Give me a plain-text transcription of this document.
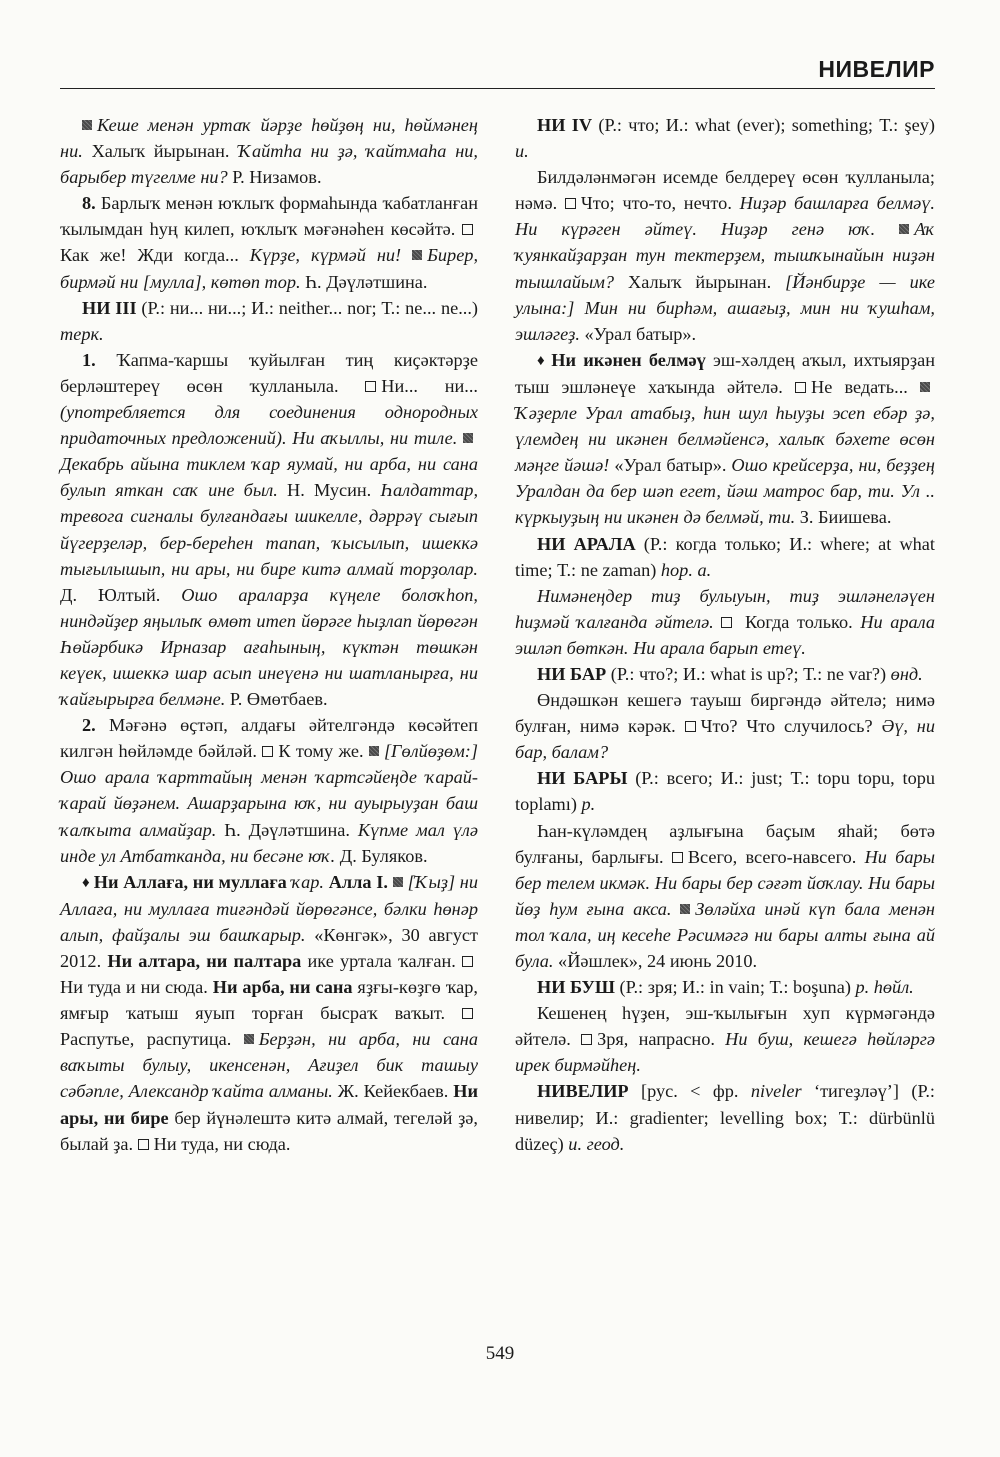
НИВЕЛИР

Кеше менән уртаҡ йәрҙе һөйҙөң ни, һөймәнең ни. Халыҡ йырынан. Ҡайтһа ни ҙә, ҡайтмаһа ни, барыбер түгелме ни? Р. Низамов.

8. Барлыҡ менән юҡлыҡ формаһында ҡабатланған ҡылымдан һуң килеп, юҡлыҡ мәғәнәһен көсәйтә. Как же! Жди когда... Күрҙе, күрмәй ни! Бирер, бирмәй ни [мулла], көтөп тор. Һ. Дәүләтшина.

НИ III (Р.: ни... ни...; И.: neither... nor; Т.: ne... ne...) терк.

1. Ҡапма-ҡаршы ҡуйылған тиң киҫәктәрҙе берләштереү өсөн ҡулланыла. Ни... ни... (употребляется для соединения однородных придаточных предложений). Ни аҡыллы, ни тиле. Декабрь айына тиклем ҡар яумай, ни арба, ни сана булып яткан саҡ ине был. Н. Мусин. Һалдаттар, тревога сигналы булғандағы шикелле, дәррәү сығып йүгерҙеләр, бер-береһен тапап, ҡысылып, ишеккә тығылышып, ни ары, ни бире китә алмай торҙолар. Д. Юлтый. Ошо араларҙа күңеле болоҡһоп, ниндәйҙер яңылыҡ өмөт итеп йөрәге һыҙлап йөрөгән Һөйәрбикә Ирназар ағаһының, күктән төшкән кеүек, ишеккә шар асып инеүенә ни шатланырға, ни ҡайғырырға белмәне. Р. Өмөтбаев.

2. Мәғәнә өҫтәп, алдағы әйтелгәндә көсәйтеп килгән һөйләмде бәйләй. К тому же. [Гөлйөҙөм:] Ошо арала ҡарттайың менән ҡартсәйеңде ҡарай-ҡарай йөҙәнем. Ашарҙарына юҡ, ни ауырыуҙан баш ҡалҡыта алмайҙар. Һ. Дәүләтшина. Күпме мал үлә инде ул Атбатканда, ни бесәне юҡ. Д. Буляков.

♦ Ни Аллаға, ни муллаға ҡар. Алла I. [Ҡыҙ] ни Аллаға, ни муллаға тиғәндәй йөрөгәнсе, бәлки һөнәр алып, файҙалы эш башҡарыр. «Көнгәк», 30 август 2012. Ни алтара, ни палтара ике уртала ҡалған. Ни туда и ни сюда. Ни арба, ни сана яҙғы-көҙгө ҡар, ямғыр ҡатыш яуып торған бысраҡ ваҡыт. Распутье, распутица. Берҙән, ни арба, ни сана ваҡыты булыу, икенсенән, Ағиҙел бик ташыу сәбәпле, Александр ҡайта алманы. Ж. Кейекбаев. Ни ары, ни бире бер йүнәлештә китә алмай, тегеләй ҙә, былай ҙа. Ни туда, ни сюда.

НИ IV (Р.: что; И.: what (ever); something; Т.: şey) и.

Билдәләнмәгән исемде белдереү өсөн ҡулланыла; нәмә. Что; что-то, нечто. Ниҙәр башларға белмәү. Ни күрәген әйтеү. Ниҙәр генә юҡ. Аҡ ҡуянкайҙарҙан тун тектерҙем, тышҡынайын ниҙән тышлайым? Халыҡ йырынан. [Йәнбирҙе — ике улына:] Мин ни бирһәм, ашағыҙ, мин ни ҡушһам, эшләгеҙ. «Урал батыр».

♦ Ни икәнен белмәү эш-хәлдең аҡыл, ихтыярҙан тыш эшләнеүе хаҡында әйтелә. Не ведать... Ҡәҙерле Урал атабыҙ, һин шул һыуҙы эсеп ебәр ҙә, үлемдең ни икәнен белмәйенсә, халыҡ бәхете өсөн мәңге йәшә! «Урал батыр». Ошо крейсерҙа, ни, беҙҙең Уралдан да бер шәп егет, йәш матрос бар, ти. Ул .. күркыуҙың ни икәнен дә белмәй, ти. З. Биишева.

НИ АРАЛА (Р.: когда только; И.: where; at what time; Т.: ne zaman) һор. а.

Нимәнеңдер тиҙ булыуын, тиҙ эшләнеләүен һиҙмәй ҡалғанда әйтелә.  Когда только. Ни арала эшләп бөткән. Ни арала барып етеү.

НИ БАР (Р.: что?; И.: what is up?; Т.: ne var?) өнд.

Өндәшкән кешегә тауыш биргәндә әйтелә; нимә булған, нимә кәрәк. Что? Что случилось? Әү, ни бар, балам?

НИ БАРЫ (Р.: всего; И.: just; Т.: topu topu, topu toplamı) р.

Һан-күләмдең аҙлығына баҫым яһай; бөтә булғаны, барлығы. Всего, всего-навсего. Ни бары бер телем икмәк. Ни бары бер сәғәт йоҡлау. Ни бары йөҙ һум ғына акса. Зөләйха инәй күп бала менән тол ҡала, иң кесеһе Рәсимәгә ни бары алты ғына ай була. «Йәшлек», 24 июнь 2010.

НИ БУШ (Р.: зря; И.: in vain; Т.: boşuna) р. һөйл.

Кешенең һүҙен, эш-ҡылығын хуп күрмәгәндә әйтелә. Зря, напрасно. Ни буш, кешегә һөйләргә ирек бирмәйһең.

НИВЕЛИР [рус. < фр. niveler ‘тигеҙләү’] (Р.: нивелир; И.: gradienter; levelling box; Т.: dürbünlü düzeç) и. геод.

549
